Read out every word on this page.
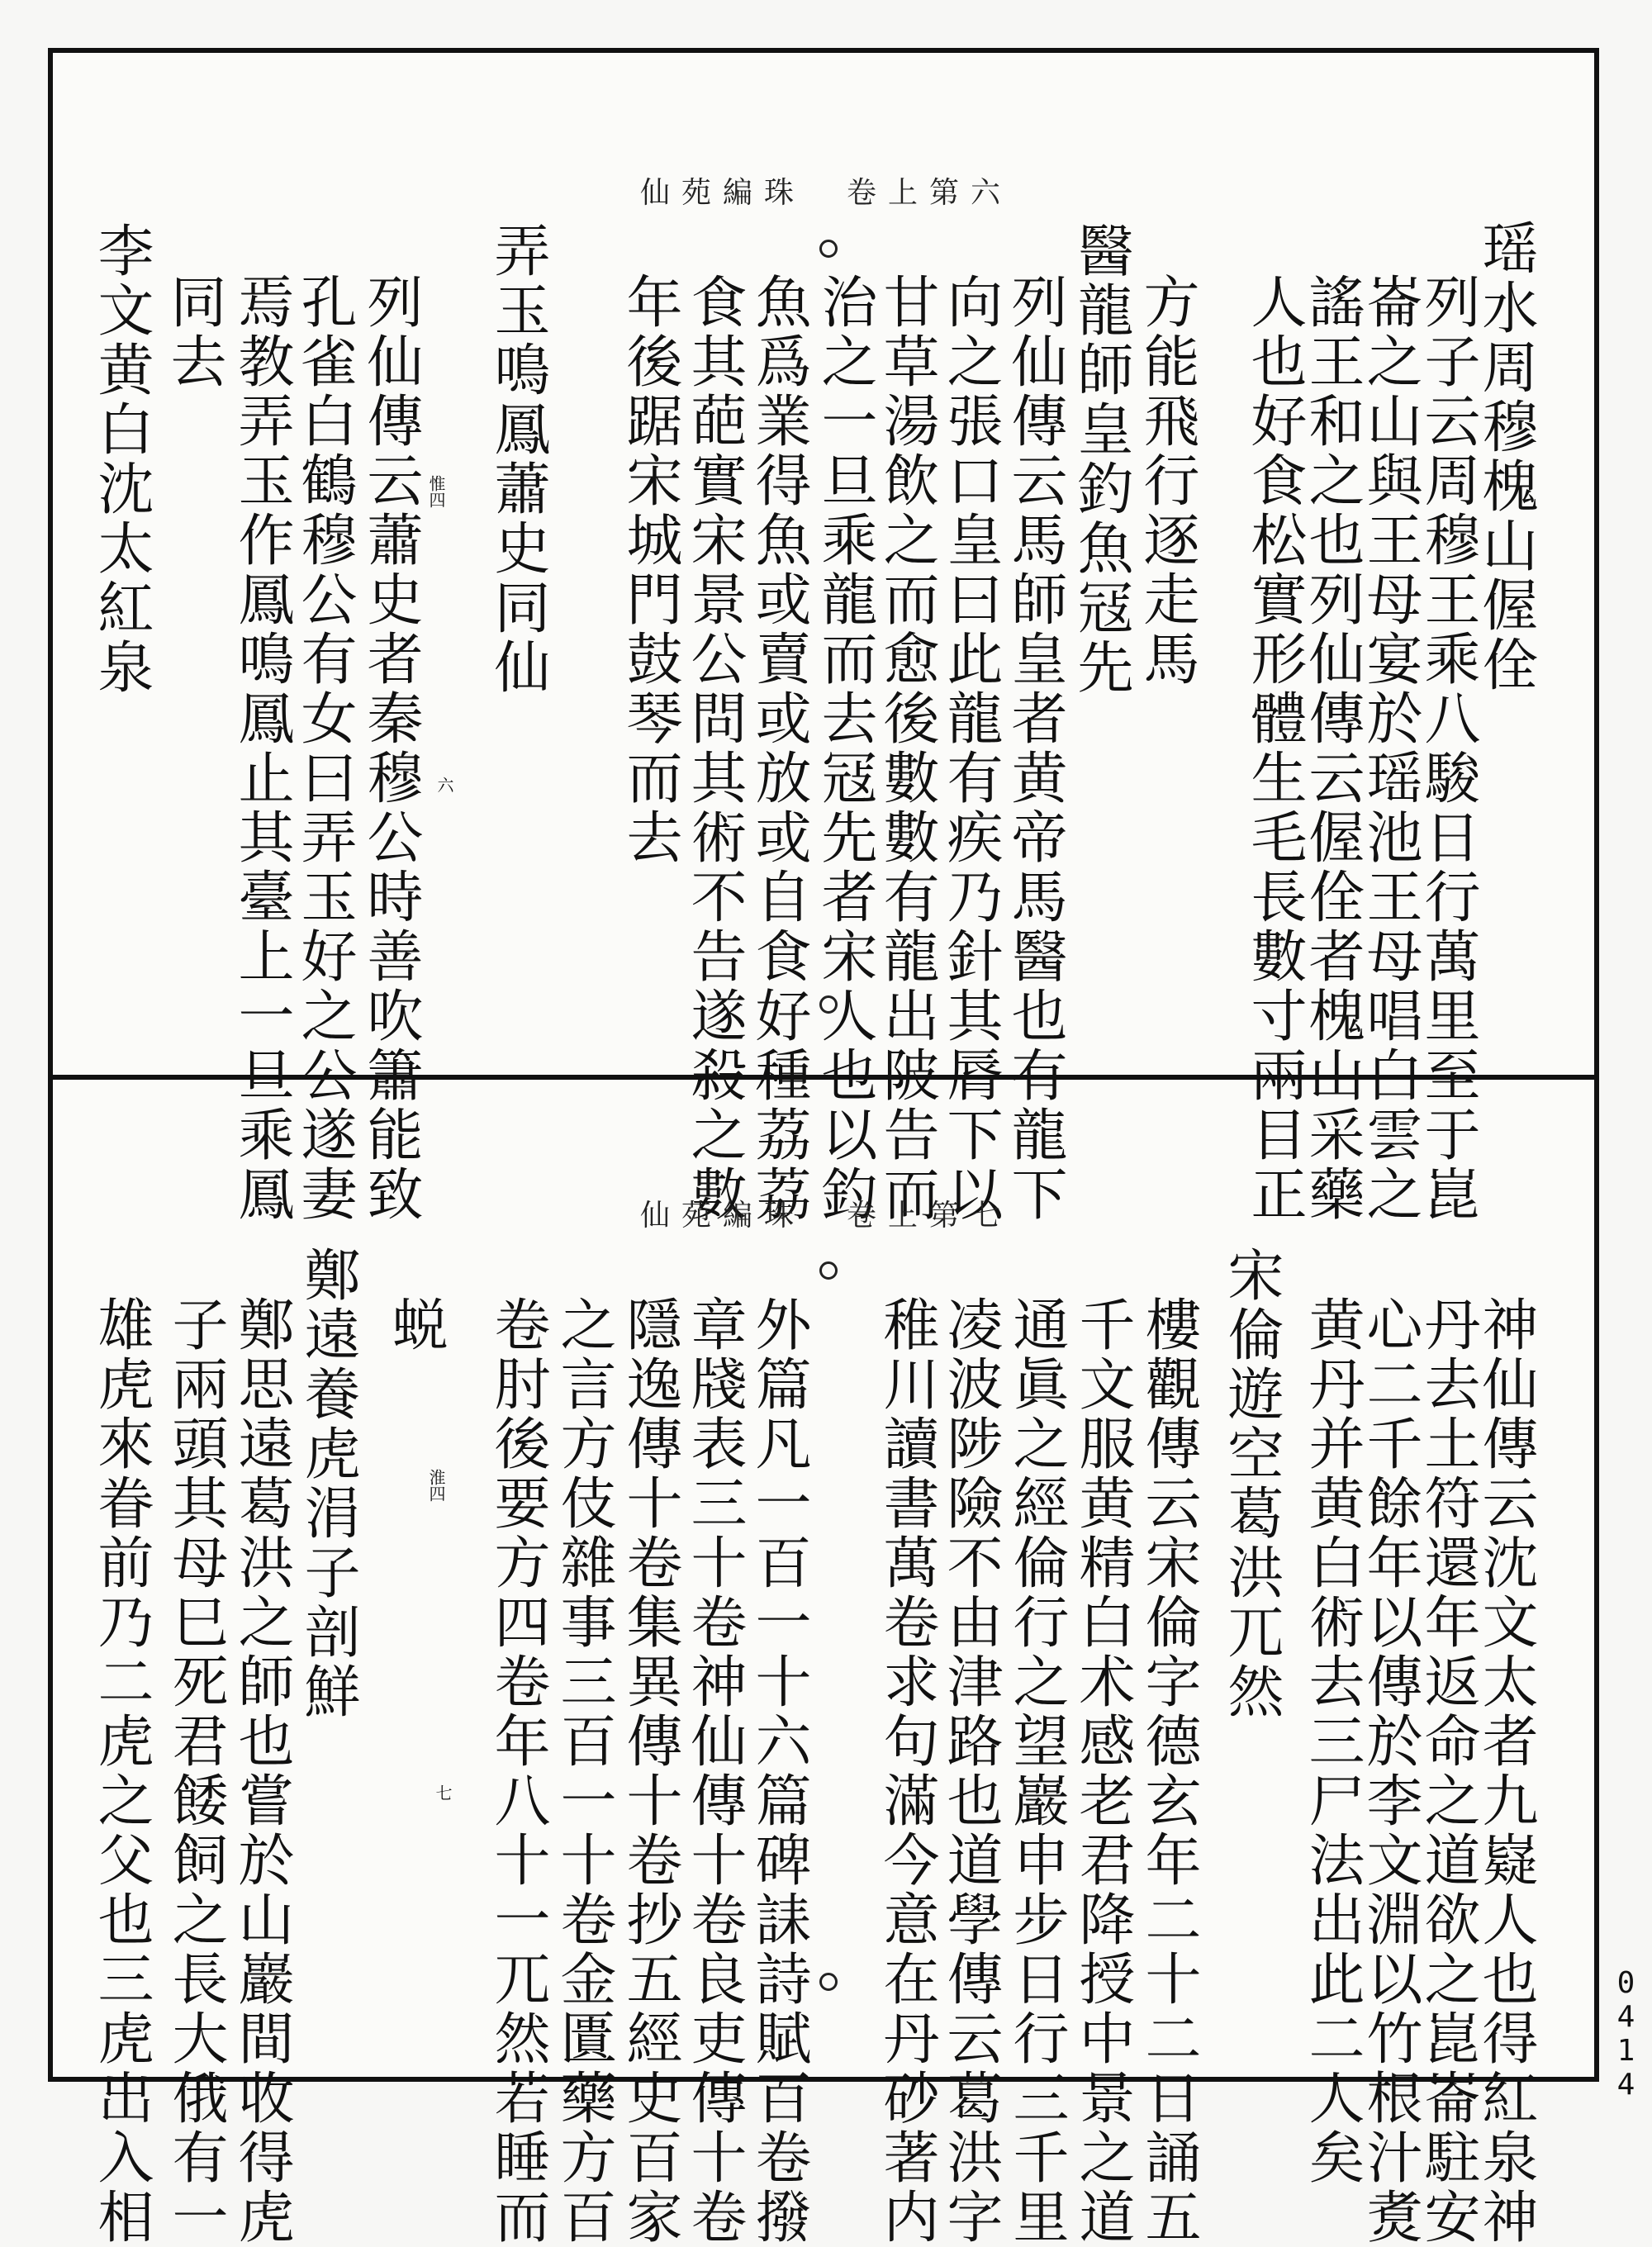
仙苑編珠　卷上第六
瑶水周穆槐山偓佺
列子云周穆王乘八駿日行萬里至于崑
崙之山與王母宴於瑶池王母唱白雲之
謠王和之也列仙傳云偓佺者槐山采藥
人也好食松實形體生毛長數寸兩目正
方能飛行逐走馬
醫龍師皇釣魚冦先
列仙傳云馬師皇者黄帝馬醫也有龍下
向之張口皇曰此龍有疾乃針其脣下以
甘草湯飲之而愈後數數有龍出陂告而
治之一旦乘龍而去冦先者宋人也以釣
魚爲業得魚或賣或放或自食好種荔荔
食其葩實宋景公問其術不告遂殺之數
年後踞宋城門鼓琴而去
弄玉鳴鳳蕭史同仙
列仙傳云蕭史者秦穆公時善吹簫能致
孔雀白鶴穆公有女曰弄玉好之公遂妻
焉教弄玉作鳳鳴鳳止其臺上一旦乘鳳
同去
李文黄白沈太紅泉	惟四
六
仙苑編珠　卷上第七
神仙傳云沈文太者九嶷人也得紅泉神
丹去土符還年返命之道欲之崑崙駐安
心二千餘年以傳於李文淵以竹根汁煑
黄丹并黄白術去三尸法出此二人矣
宋倫遊空葛洪兀然
樓觀傳云宋倫字德玄年二十二日誦五
千文服黄精白术感老君降授中景之道
通眞之經倫行之望巖申步日行三千里
凌波陟險不由津路也道學傳云葛洪字
稚川讀書萬卷求句滿今意在丹砂著内
外篇凡一百一十六篇碑誄詩賦百卷撥
章牋表三十卷神仙傳十卷良吏傳十卷
隱逸傳十卷集異傳十卷抄五經史百家
之言方伎雜事三百一十卷金匱藥方百
卷肘後要方四卷年八十一兀然若睡而
蜕
鄭遠養虎涓子剖鮮
鄭思遠葛洪之師也嘗於山巖間收得虎
子兩頭其母巳死君餧飼之長大俄有一
雄虎來眷前乃二虎之父也三虎出入相	淮四
七
0414
